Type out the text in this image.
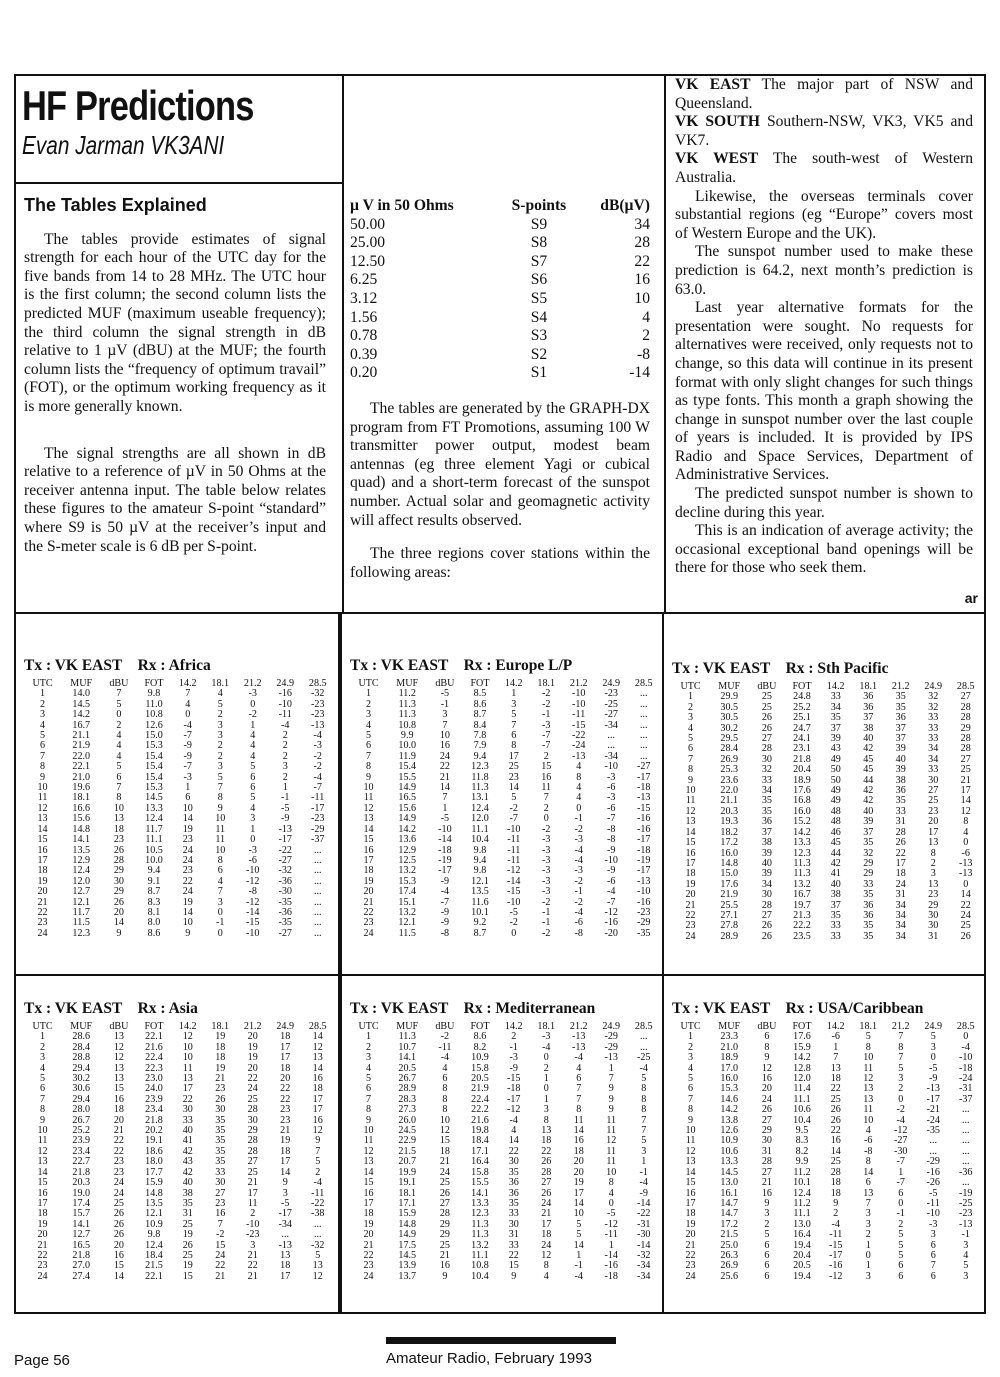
HF Predictions
Evan Jarman VK3ANI
The Tables Explained

The tables provide estimates of signal strength for each hour of the UTC day for the five bands from 14 to 28 MHz. The UTC hour is the first column; the second column lists the predicted MUF (maximum useable frequency); the third column the signal strength in dB relative to 1 µV (dBU) at the MUF; the fourth column lists the “frequency of optimum travail” (FOT), or the optimum working frequency as it is more generally known.

The signal strengths are all shown in dB relative to a reference of µV in 50 Ohms at the receiver antenna input. The table below relates these figures to the amateur S-point “standard” where S9 is 50 µV at the receiver’s input and the S-meter scale is 6 dB per S-point.

µ V in 50 Ohms	S-points	dB(µV)
50.00	S9	34
25.00	S8	28
12.50	S7	22
6.25	S6	16
3.12	S5	10
1.56	S4	4
0.78	S3	2
0.39	S2	-8
0.20	S1	-14

The tables are generated by the GRAPH-DX program from FT Promotions, assuming 100 W transmitter power output, modest beam antennas (eg three element Yagi or cubical quad) and a short-term forecast of the sunspot number. Actual solar and geomagnetic activity will affect results observed.

The three regions cover stations within the following areas:

VK EAST The major part of NSW and Queensland.

VK SOUTH Southern-NSW, VK3, VK5 and VK7.

VK WEST The south-west of Western Australia.

Likewise, the overseas terminals cover substantial regions (eg “Europe” covers most of Western Europe and the UK).

The sunspot number used to make these prediction is 64.2, next month’s prediction is 63.0.

Last year alternative formats for the presentation were sought. No requests for alternatives were received, only requests not to change, so this data will continue in its present format with only slight changes for such things as type fonts. This month a graph showing the change in sunspot number over the last couple of years is included. It is provided by IPS Radio and Space Services, Department of Administrative Services.

The predicted sunspot number is shown to decline during this year.

This is an indication of average activity; the occasional exceptional band openings will be there for those who seek them.

ar
Tx : VK EAST Rx : Africa
UTC	MUF	dBU	FOT	14.2	18.1	21.2	24.9	28.5
1	14.0	7	9.8	7	4	-3	-16	-32
2	14.5	5	11.0	4	5	0	-10	-23
3	14.2	0	10.8	0	2	-2	-11	-23
4	16.7	2	12.6	-4	3	1	-4	-13
5	21.1	4	15.0	-7	3	4	2	-4
6	21.9	4	15.3	-9	2	4	2	-3
7	22.0	4	15.4	-9	2	4	2	-2
8	22.1	5	15.4	-7	3	5	3	-2
9	21.0	6	15.4	-3	5	6	2	-4
10	19.6	7	15.3	1	7	6	1	-7
11	18.1	8	14.5	6	8	5	-1	-11
12	16.6	10	13.3	10	9	4	-5	-17
13	15.6	13	12.4	14	10	3	-9	-23
14	14.8	18	11.7	19	11	1	-13	-29
15	14.1	23	11.1	23	11	0	-17	-37
16	13.5	26	10.5	24	10	-3	-22	...
17	12.9	28	10.0	24	8	-6	-27	...
18	12.4	29	9.4	23	6	-10	-32	...
19	12.0	30	9.1	22	4	-12	-36	...
20	12.7	29	8.7	24	7	-8	-30	...
21	12.1	26	8.3	19	3	-12	-35	...
22	11.7	20	8.1	14	0	-14	-36	...
23	11.5	14	8.0	10	-1	-15	-35	...
24	12.3	9	8.6	9	0	-10	-27	...
Tx : VK EAST Rx : Europe L/P
UTC	MUF	dBU	FOT	14.2	18.1	21.2	24.9	28.5
1	11.2	-5	8.5	1	-2	-10	-23	...
2	11.3	-1	8.6	3	-2	-10	-25	...
3	11.3	3	8.7	5	-1	-11	-27	...
4	10.8	7	8.4	7	-3	-15	-34	...
5	9.9	10	7.8	6	-7	-22	...	...
6	10.0	16	7.9	8	-7	-24	...	...
7	11.9	24	9.4	17	2	-13	-34	...
8	15.4	22	12.3	25	15	4	-10	-27
9	15.5	21	11.8	23	16	8	-3	-17
10	14.9	14	11.3	14	11	4	-6	-18
11	16.5	7	13.1	5	7	4	-3	-13
12	15.6	1	12.4	-2	2	0	-6	-15
13	14.9	-5	12.0	-7	0	-1	-7	-16
14	14.2	-10	11.1	-10	-2	-2	-8	-16
15	13.6	-14	10.4	-11	-3	-3	-8	-17
16	12.9	-18	9.8	-11	-3	-4	-9	-18
17	12.5	-19	9.4	-11	-3	-4	-10	-19
18	13.2	-17	9.8	-12	-3	-3	-9	-17
19	15.3	-9	12.1	-14	-3	-2	-6	-13
20	17.4	-4	13.5	-15	-3	-1	-4	-10
21	15.1	-7	11.6	-10	-2	-2	-7	-16
22	13.2	-9	10.1	-5	-1	-4	-12	-23
23	12.1	-9	9.2	-2	-1	-6	-16	-29
24	11.5	-8	8.7	0	-2	-8	-20	-35
Tx : VK EAST Rx : Sth Pacific
UTC	MUF	dBU	FOT	14.2	18.1	21.2	24.9	28.5
1	29.9	25	24.8	33	36	35	32	27
2	30.5	25	25.2	34	36	35	32	28
3	30.5	26	25.1	35	37	36	33	28
4	30.2	26	24.7	37	38	37	33	29
5	29.5	27	24.1	39	40	37	33	28
6	28.4	28	23.1	43	42	39	34	28
7	26.9	30	21.8	49	45	40	34	27
8	25.3	32	20.4	50	45	39	33	25
9	23.6	33	18.9	50	44	38	30	21
10	22.0	34	17.6	49	42	36	27	17
11	21.1	35	16.8	49	42	35	25	14
12	20.3	35	16.0	48	40	33	23	12
13	19.3	36	15.2	48	39	31	20	8
14	18.2	37	14.2	46	37	28	17	4
15	17.2	38	13.3	45	35	26	13	0
16	16.0	39	12.3	44	32	22	8	-6
17	14.8	40	11.3	42	29	17	2	-13
18	15.0	39	11.3	41	29	18	3	-13
19	17.6	34	13.2	40	33	24	13	0
20	21.9	30	16.7	38	35	31	23	14
21	25.5	28	19.7	37	36	34	29	22
22	27.1	27	21.3	35	36	34	30	24
23	27.8	26	22.2	33	35	34	30	25
24	28.9	26	23.5	33	35	34	31	26
Tx : VK EAST Rx : Asia
UTC	MUF	dBU	FOT	14.2	18.1	21.2	24.9	28.5
1	28.6	13	22.1	12	19	20	18	14
2	28.4	12	21.6	10	18	19	17	12
3	28.8	12	22.4	10	18	19	17	13
4	29.4	13	22.3	11	19	20	18	14
5	30.2	13	23.0	13	21	22	20	16
6	30.6	15	24.0	17	23	24	22	18
7	29.4	16	23.9	22	26	25	22	17
8	28.0	18	23.4	30	30	28	23	17
9	26.7	20	21.8	33	35	30	23	16
10	25.2	21	20.2	40	35	29	21	12
11	23.9	22	19.1	41	35	28	19	9
12	23.4	22	18.6	42	35	28	18	7
13	22.7	23	18.0	43	35	27	17	5
14	21.8	23	17.7	42	33	25	14	2
15	20.3	24	15.9	40	30	21	9	-4
16	19.0	24	14.8	38	27	17	3	-11
17	17.4	25	13.5	35	23	11	-5	-22
18	15.7	26	12.1	31	16	2	-17	-38
19	14.1	26	10.9	25	7	-10	-34	...
20	12.7	26	9.8	19	-2	-23	...	...
21	16.5	20	12.4	26	15	3	-13	-32
22	21.8	16	18.4	25	24	21	13	5
23	27.0	15	21.5	19	22	22	18	13
24	27.4	14	22.1	15	21	21	17	12
Tx : VK EAST Rx : Mediterranean
UTC	MUF	dBU	FOT	14.2	18.1	21.2	24.9	28.5
1	11.3	-2	8.6	2	-3	-13	-29	...
2	10.7	-11	8.2	-1	-4	-13	-29	...
3	14.1	-4	10.9	-3	0	-4	-13	-25
4	20.5	4	15.8	-9	2	4	1	-4
5	26.7	6	20.5	-15	1	6	7	5
6	28.9	8	21.9	-18	0	7	9	8
7	28.3	8	22.4	-17	1	7	9	8
8	27.3	8	22.2	-12	3	8	9	8
9	26.0	10	21.6	-4	8	11	11	7
10	24.5	12	19.8	4	13	14	11	7
11	22.9	15	18.4	14	18	16	12	5
12	21.5	18	17.1	22	22	18	11	3
13	20.7	21	16.4	30	26	20	11	1
14	19.9	24	15.8	35	28	20	10	-1
15	19.1	25	15.5	36	27	19	8	-4
16	18.1	26	14.1	36	26	17	4	-9
17	17.1	27	13.3	35	24	14	0	-14
18	15.9	28	12.3	33	21	10	-5	-22
19	14.8	29	11.3	30	17	5	-12	-31
20	14.9	29	11.3	31	18	5	-11	-30
21	17.5	25	13.2	33	24	14	1	-14
22	14.5	21	11.1	22	12	1	-14	-32
23	13.9	16	10.8	15	8	-1	-16	-34
24	13.7	9	10.4	9	4	-4	-18	-34
Tx : VK EAST Rx : USA/Caribbean
UTC	MUF	dBU	FOT	14.2	18.1	21.2	24.9	28.5
1	23.3	6	17.6	-6	5	7	5	0
2	21.0	8	15.9	1	8	8	3	-4
3	18.9	9	14.2	7	10	7	0	-10
4	17.0	12	12.8	13	11	5	-5	-18
5	16.0	16	12.0	18	12	3	-9	-24
6	15.3	20	11.4	22	13	2	-13	-31
7	14.6	24	11.1	25	13	0	-17	-37
8	14.2	26	10.6	26	11	-2	-21	...
9	13.8	27	10.4	26	10	-4	-24	...
10	12.6	29	9.5	22	4	-12	-35	...
11	10.9	30	8.3	16	-6	-27	...	...
12	10.6	31	8.2	14	-8	-30	...	...
13	13.3	28	9.9	25	8	-7	-29	...
14	14.5	27	11.2	28	14	1	-16	-36
15	13.0	21	10.1	18	6	-7	-26	...
16	16.1	16	12.4	18	13	6	-5	-19
17	14.7	9	11.2	9	7	0	-11	-25
18	14.7	3	11.1	2	3	-1	-10	-23
19	17.2	2	13.0	-4	3	2	-3	-13
20	21.5	5	16.4	-11	2	5	3	-1
21	25.0	6	19.4	-15	1	5	6	3
22	26.3	6	20.4	-17	0	5	6	4
23	26.9	6	20.5	-16	1	6	7	5
24	25.6	6	19.4	-12	3	6	6	3
Page 56	Amateur Radio, February 1993
